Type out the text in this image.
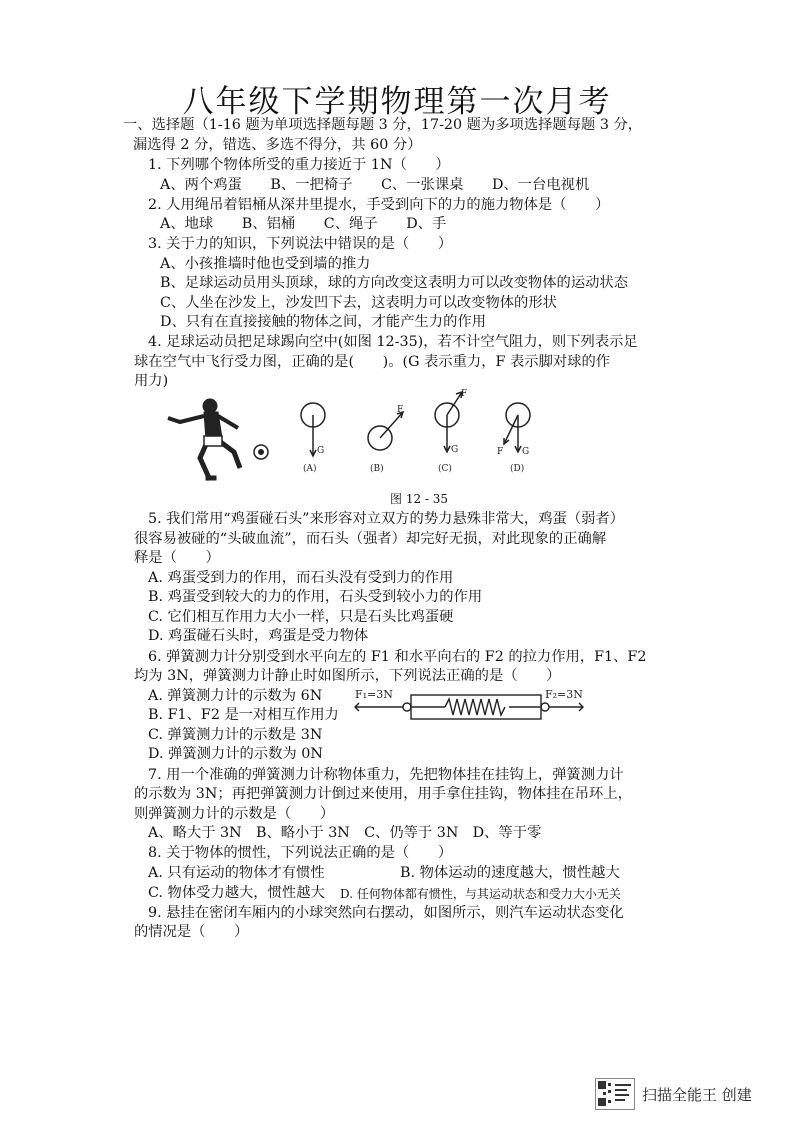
八年级下学期物理第一次月考
一、选择题（1-16 题为单项选择题每题 3 分，17-20 题为多项选择题每题 3 分，
漏选得 2 分，错选、多选不得分，共 60 分）
1. 下列哪个物体所受的重力接近于 1N（　　）
A、两个鸡蛋　　B、一把椅子　　C、一张课桌　　D、一台电视机
2. 人用绳吊着铝桶从深井里提水，手受到向下的力的施力物体是（　　）
A、地球　　B、铝桶　　C、绳子　　D、手
3. 关于力的知识，下列说法中错误的是（　　）
A、小孩推墙时他也受到墙的推力
B、足球运动员用头顶球，球的方向改变这表明力可以改变物体的运动状态
C、人坐在沙发上，沙发凹下去，这表明力可以改变物体的形状
D、只有在直接接触的物体之间，才能产生力的作用
4. 足球运动员把足球踢向空中(如图 12-35)，若不计空气阻力，则下列表示足
球在空气中飞行受力图，正确的是(　　)。(G 表示重力，F 表示脚对球的作
用力)
G
(A)
F
(B)
F
G
(C)
F G
(D)
图 12 - 35
5. 我们常用“鸡蛋碰石头”来形容对立双方的势力悬殊非常大，鸡蛋（弱者）
很容易被碰的“头破血流”，而石头（强者）却完好无损，对此现象的正确解
释是（　　）
A. 鸡蛋受到力的作用，而石头没有受到力的作用
B. 鸡蛋受到较大的力的作用，石头受到较小力的作用
C. 它们相互作用力大小一样，只是石头比鸡蛋硬
D. 鸡蛋碰石头时，鸡蛋是受力物体
6. 弹簧测力计分别受到水平向左的 F1 和水平向右的 F2 的拉力作用，F1、F2
均为 3N，弹簧测力计静止时如图所示，下列说法正确的是（　　）
A. 弹簧测力计的示数为 6N
B. F1、F2 是一对相互作用力
C. 弹簧测力计的示数是 3N
D. 弹簧测力计的示数为 0N
F₁=3N	F₂=3N
7. 用一个准确的弹簧测力计称物体重力，先把物体挂在挂钩上，弹簧测力计
的示数为 3N；再把弹簧测力计倒过来使用，用手拿住挂钩，物体挂在吊环上，
则弹簧测力计的示数是（　　）
A、略大于 3N　B、略小于 3N　C、仍等于 3N　D、等于零
8. 关于物体的惯性，下列说法正确的是（　　）
A. 只有运动的物体才有惯性	B. 物体运动的速度越大，惯性越大
C. 物体受力越大，惯性越大 D. 任何物体都有惯性，与其运动状态和受力大小无关
9. 悬挂在密闭车厢内的小球突然向右摆动，如图所示，则汽车运动状态变化
的情况是（　　）
扫描全能王 创建
